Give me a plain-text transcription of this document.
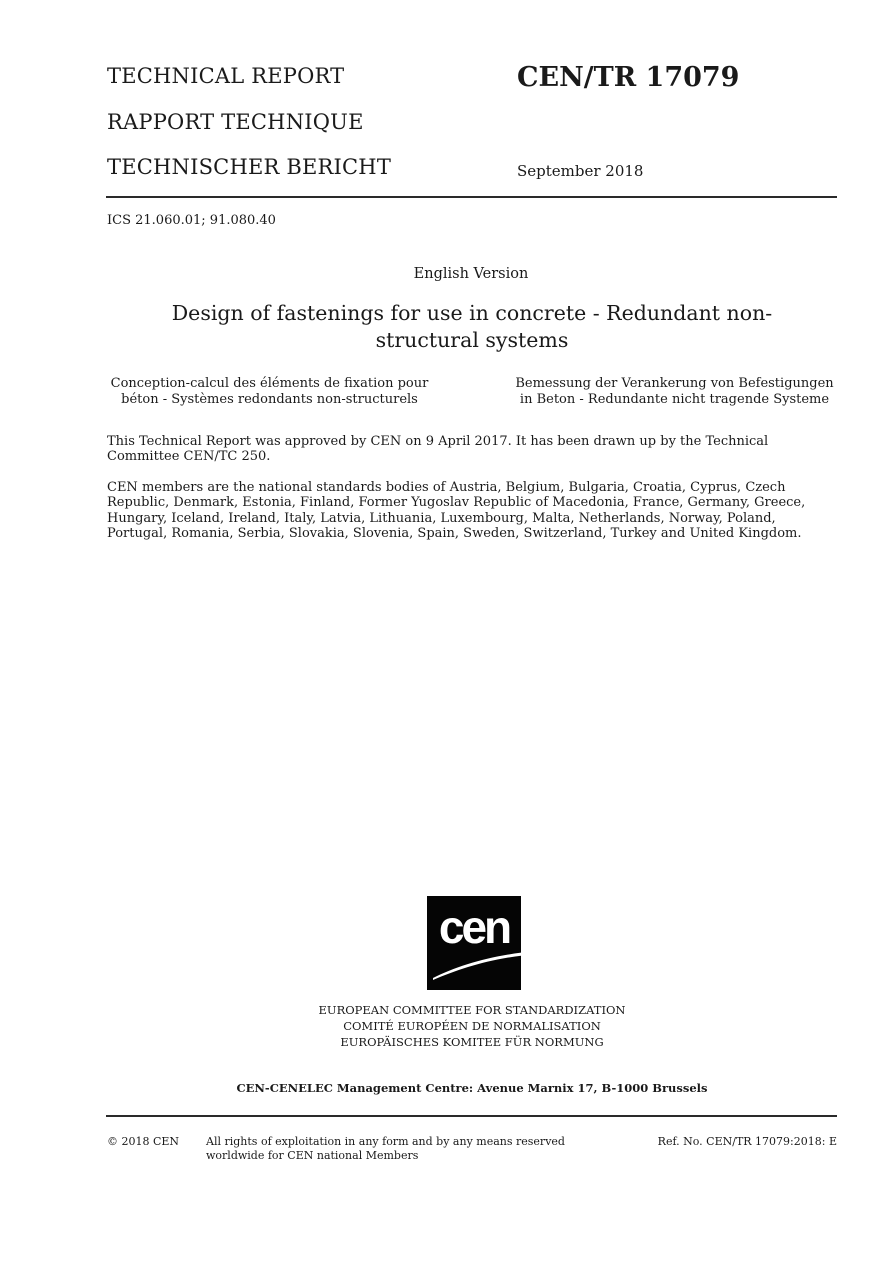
TECHNICAL REPORT
RAPPORT TECHNIQUE
TECHNISCHER BERICHT
CEN/TR 17079
September 2018
ICS 21.060.01; 91.080.40
English Version
Design of fastenings for use in concrete - Redundant non-structural systems
Conception-calcul des éléments de fixation pour béton - Systèmes redondants non-structurels
Bemessung der Verankerung von Befestigungen in Beton - Redundante nicht tragende Systeme
This Technical Report was approved by CEN on 9 April 2017. It has been drawn up by the Technical Committee CEN/TC 250.
CEN members are the national standards bodies of Austria, Belgium, Bulgaria, Croatia, Cyprus, Czech Republic, Denmark, Estonia, Finland, Former Yugoslav Republic of Macedonia, France, Germany, Greece, Hungary, Iceland, Ireland, Italy, Latvia, Lithuania, Luxembourg, Malta, Netherlands, Norway, Poland, Portugal, Romania, Serbia, Slovakia, Slovenia, Spain, Sweden, Switzerland, Turkey and United Kingdom.
cen
EUROPEAN COMMITTEE FOR STANDARDIZATION
COMITÉ EUROPÉEN DE NORMALISATION
EUROPÄISCHES KOMITEE FÜR NORMUNG
CEN-CENELEC Management Centre: Avenue Marnix 17, B-1000 Brussels
© 2018 CEN All rights of exploitation in any form and by any means reserved worldwide for CEN national Members
Ref. No. CEN/TR 17079:2018: E
